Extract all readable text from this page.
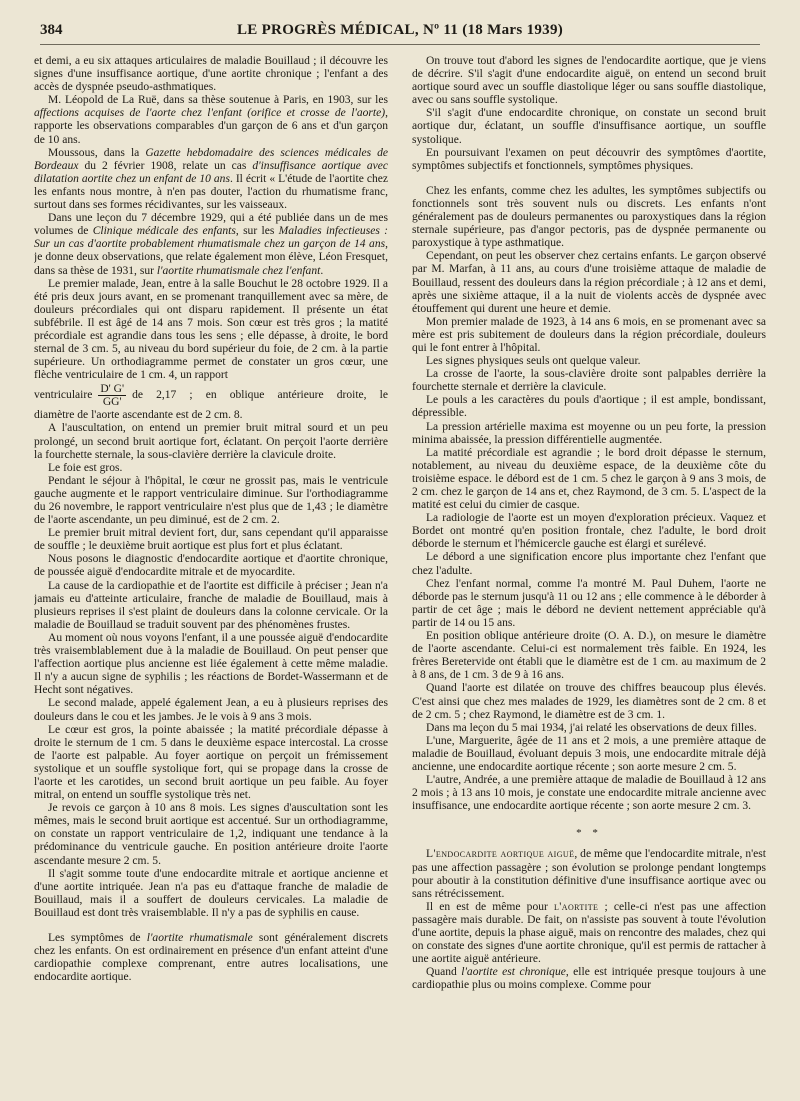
384	LE PROGRÈS MÉDICAL, Nº 11 (18 Mars 1939)

et demi, a eu six attaques articulaires de maladie Bouillaud ; il découvre les signes d'une insuffisance aortique, d'une aortite chronique ; l'enfant a des accès de dyspnée pseudo-asthmatiques.

M. Léopold de La Ruë, dans sa thèse soutenue à Paris, en 1903, sur les affections acquises de l'aorte chez l'enfant (orifice et crosse de l'aorte), rapporte les observations comparables d'un garçon de 6 ans et d'un garçon de 10 ans.

Moussous, dans la Gazette hebdomadaire des sciences médicales de Bordeaux du 2 février 1908, relate un cas d'insuffisance aortique avec dilatation aortite chez un enfant de 10 ans. Il écrit « L'étude de l'aortite chez les enfants nous montre, à n'en pas douter, l'action du rhumatisme franc, surtout dans ses formes récidivantes, sur les vaisseaux.

Dans une leçon du 7 décembre 1929, qui a été publiée dans un de mes volumes de Clinique médicale des enfants, sur les Maladies infectieuses : Sur un cas d'aortite probablement rhumatismale chez un garçon de 14 ans, je donne deux observations, que relate également mon élève, Léon Fresquet, dans sa thèse de 1931, sur l'aortite rhumatismale chez l'enfant.

Le premier malade, Jean, entre à la salle Bouchut le 28 octobre 1929. Il a été pris deux jours avant, en se promenant tranquillement avec sa mère, de douleurs précordiales qui ont disparu rapidement. Il présente un état subfébrile. Il est âgé de 14 ans 7 mois. Son cœur est très gros ; la matité précordiale est agrandie dans tous les sens ; elle dépasse, à droite, le bord sternal de 3 cm. 5, au niveau du bord supérieur du foie, de 2 cm. à la partie supérieure. Un orthodiagramme permet de constater un gros cœur, une flèche ventriculaire de 1 cm. 4, un rapport

ventriculaire $\frac{D' G'}{GG'}$ de 2,17 ; en oblique antérieure droite, le

diamètre de l'aorte ascendante est de 2 cm. 8.

A l'auscultation, on entend un premier bruit mitral sourd et un peu prolongé, un second bruit aortique fort, éclatant. On perçoit l'aorte derrière la fourchette sternale, la sous-clavière derrière la clavicule droite.

Le foie est gros.

Pendant le séjour à l'hôpital, le cœur ne grossit pas, mais le ventricule gauche augmente et le rapport ventriculaire diminue. Sur l'orthodiagramme du 26 novembre, le rapport ventriculaire n'est plus que de 1,43 ; le diamètre de l'aorte ascendante, un peu diminué, est de 2 cm. 2.

Le premier bruit mitral devient fort, dur, sans cependant qu'il apparaisse de souffle ; le deuxième bruit aortique est plus fort et plus éclatant.

Nous posons le diagnostic d'endocardite aortique et d'aortite chronique, de poussée aiguë d'endocardite mitrale et de myocardite.

La cause de la cardiopathie et de l'aortite est difficile à préciser ; Jean n'a jamais eu d'atteinte articulaire, franche de maladie de Bouillaud, mais à plusieurs reprises il s'est plaint de douleurs dans la colonne cervicale. Or la maladie de Bouillaud se traduit souvent par des phénomènes frustes.

Au moment où nous voyons l'enfant, il a une poussée aiguë d'endocardite très vraisemblablement due à la maladie de Bouillaud. On peut penser que l'affection aortique plus ancienne est liée également à cette même maladie. Il n'y a aucun signe de syphilis ; les réactions de Bordet-Wassermann et de Hecht sont négatives.

Le second malade, appelé également Jean, a eu à plusieurs reprises des douleurs dans le cou et les jambes. Je le vois à 9 ans 3 mois.

Le cœur est gros, la pointe abaissée ; la matité précordiale dépasse à droite le sternum de 1 cm. 5 dans le deuxième espace intercostal. La crosse de l'aorte est palpable. Au foyer aortique on perçoit un frémissement systolique et un souffle systolique fort, qui se propage dans la crosse de l'aorte et les carotides, un second bruit aortique un peu faible. Au foyer mitral, on entend un souffle systolique très net.

Je revois ce garçon à 10 ans 8 mois. Les signes d'auscultation sont les mêmes, mais le second bruit aortique est accentué. Sur un orthodiagramme, on constate un rapport ventriculaire de 1,2, indiquant une tendance à la prédominance du ventricule gauche. En position antérieure droite l'aorte ascendante mesure 2 cm. 5.

Il s'agit somme toute d'une endocardite mitrale et aortique ancienne et d'une aortite intriquée. Jean n'a pas eu d'attaque franche de maladie de Bouillaud, mais il a souffert de douleurs cervicales. La maladie de Bouillaud est dont très vraisemblable. Il n'y a pas de syphilis en cause.

Les symptômes de l'aortite rhumatismale sont généralement discrets chez les enfants. On est ordinairement en présence d'un enfant atteint d'une cardiopathie complexe comprenant, entre autres localisations, une endocardite aortique.

On trouve tout d'abord les signes de l'endocardite aortique, que je viens de décrire. S'il s'agit d'une endocardite aiguë, on entend un second bruit aortique sourd avec un souffle diastolique léger ou sans souffle diastolique, avec ou sans souffle systolique.

S'il s'agit d'une endocardite chronique, on constate un second bruit aortique dur, éclatant, un souffle d'insuffisance aortique, un souffle systolique.

En poursuivant l'examen on peut découvrir des symptômes d'aortite, symptômes subjectifs et fonctionnels, symptômes physiques.

Chez les enfants, comme chez les adultes, les symptômes subjectifs ou fonctionnels sont très souvent nuls ou discrets. Les enfants n'ont généralement pas de douleurs permanentes ou paroxystiques dans la région sternale supérieure, pas d'angor pectoris, pas de dyspnée permanente ou paroxystique à type asthmatique.

Cependant, on peut les observer chez certains enfants. Le garçon observé par M. Marfan, à 11 ans, au cours d'une troisième attaque de maladie de Bouillaud, ressent des douleurs dans la région précordiale ; à 12 ans et demi, après une sixième attaque, il a la nuit de violents accès de dyspnée avec étouffement qui durent une heure et demie.

Mon premier malade de 1923, à 14 ans 6 mois, en se promenant avec sa mère est pris subitement de douleurs dans la région précordiale, douleurs qui le font entrer à l'hôpital.

Les signes physiques seuls ont quelque valeur.

La crosse de l'aorte, la sous-clavière droite sont palpables derrière la fourchette sternale et derrière la clavicule.

Le pouls a les caractères du pouls d'aortique ; il est ample, bondissant, dépressible.

La pression artérielle maxima est moyenne ou un peu forte, la pression minima abaissée, la pression différentielle augmentée.

La matité précordiale est agrandie ; le bord droit dépasse le sternum, notablement, au niveau du deuxième espace, de la deuxième côte du troisième espace. le débord est de 1 cm. 5 chez le garçon à 9 ans 3 mois, de 2 cm. chez le garçon de 14 ans et, chez Raymond, de 3 cm. 5. L'aspect de la matité est celui du cimier de casque.

La radiologie de l'aorte est un moyen d'exploration précieux. Vaquez et Bordet ont montré qu'en position frontale, chez l'adulte, le bord droit déborde le sternum et l'hémicercle gauche est élargi et surélevé.

Le débord a une signification encore plus importante chez l'enfant que chez l'adulte.

Chez l'enfant normal, comme l'a montré M. Paul Duhem, l'aorte ne déborde pas le sternum jusqu'à 11 ou 12 ans ; elle commence à le déborder à partir de cet âge ; mais le débord ne devient nettement appréciable qu'à partir de 14 ou 15 ans.

En position oblique antérieure droite (O. A. D.), on mesure le diamètre de l'aorte ascendante. Celui-ci est normalement très faible. En 1924, les frères Beretervide ont établi que le diamètre est de 1 cm. au maximum de 2 à 8 ans, de 1 cm. 3 de 9 à 16 ans.

Quand l'aorte est dilatée on trouve des chiffres beaucoup plus élevés. C'est ainsi que chez mes malades de 1929, les diamètres sont de 2 cm. 8 et de 2 cm. 5 ; chez Raymond, le diamètre est de 3 cm. 1.

Dans ma leçon du 5 mai 1934, j'ai relaté les observations de deux filles.

L'une, Marguerite, âgée de 11 ans et 2 mois, a une première attaque de maladie de Bouillaud, évoluant depuis 3 mois, une endocardite mitrale déjà ancienne, une endocardite aortique récente ; son aorte mesure 2 cm. 5.

L'autre, Andrée, a une première attaque de maladie de Bouillaud à 12 ans 2 mois ; à 13 ans 10 mois, je constate une endocardite mitrale ancienne avec insuffisance, une endocardite aortique récente ; son aorte mesure 2 cm. 3.

* *

L'endocardite aortique aiguë, de même que l'endocardite mitrale, n'est pas une affection passagère ; son évolution se prolonge pendant longtemps pour aboutir à la constitution définitive d'une insuffisance aortique avec ou sans rétrécissement.

Il en est de même pour l'aortite ; celle-ci n'est pas une affection passagère mais durable. De fait, on n'assiste pas souvent à toute l'évolution d'une aortite, depuis la phase aiguë, mais on rencontre des malades, chez qui on constate des signes d'une aortite chronique, qu'il est permis de rattacher à une aortite aiguë antérieure.

Quand l'aortite est chronique, elle est intriquée presque toujours à une cardiopathie plus ou moins complexe. Comme pour
